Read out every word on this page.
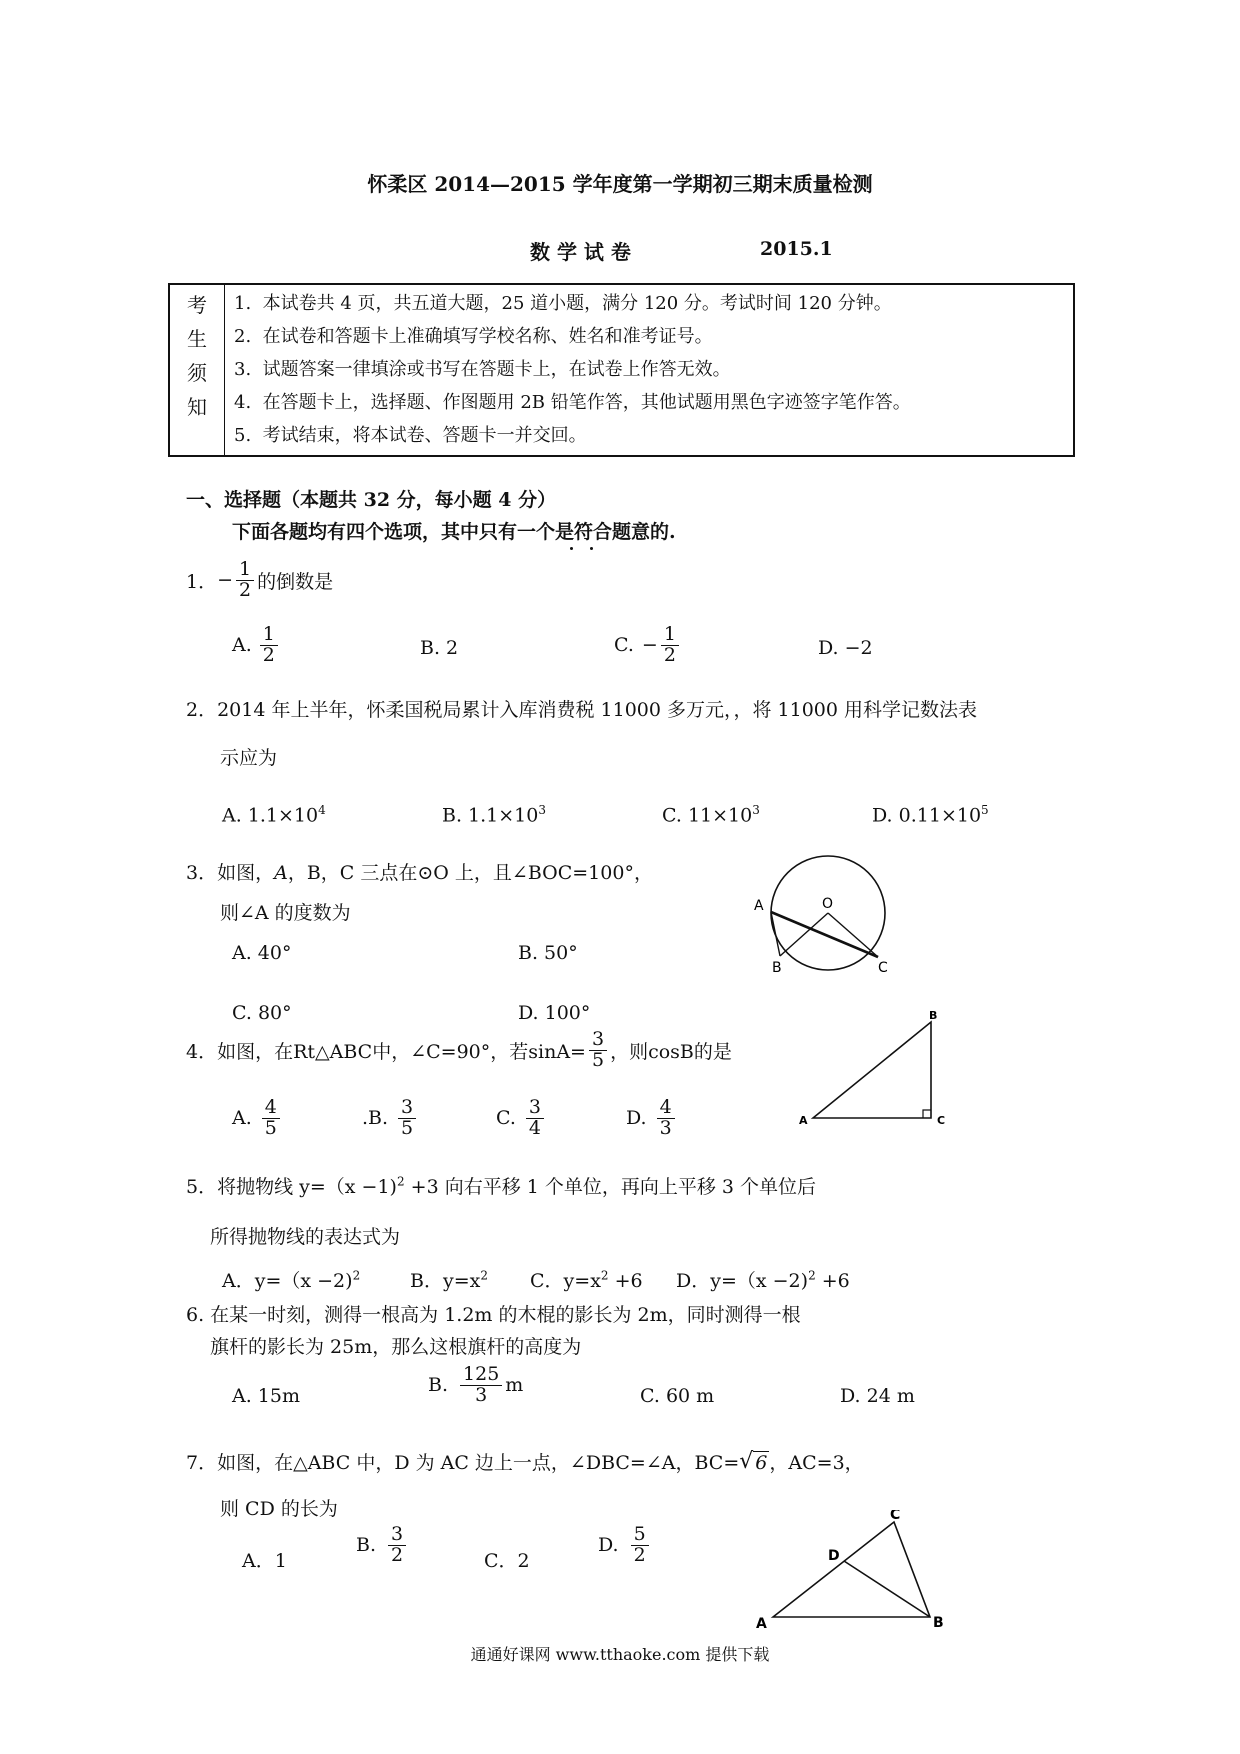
怀柔区 2014—2015 学年度第一学期初三期末质量检测
数 学 试 卷	2015.1
考
生
须
知
1.  本试卷共 4 页，共五道大题，25 道小题，满分 120 分。考试时间 120 分钟。
2.  在试卷和答题卡上准确填写学校名称、姓名和准考证号。
3.  试题答案一律填涂或书写在答题卡上，在试卷上作答无效。
4.  在答题卡上，选择题、作图题用 2B 铅笔作答，其他试题用黑色字迹签字笔作答。
5.  考试结束，将本试卷、答题卡一并交回。
一、选择题（本题共 32 分，每小题 4 分）
下面各题均有四个选项，其中只有一个是符合题意的.
1． − $\frac{1}{2}$ 的倒数是
A. $\frac{1}{2}$	B. 2	C. − $\frac{1}{2}$	D. −2
2．2014 年上半年，怀柔国税局累计入库消费税 11000 多万元，，将 11000 用科学记数法表
示应为
A. $1.1\times 10^4$	B. $1.1\times 10^3$	C. $11\times 10^3$	D. $0.11\times 10^5$
3．如图，A，B，C 三点在⊙O 上，且∠BOC=100°，
则∠A 的度数为
A. 40°	B. 50°
C. 80°	D. 100°
A	O
B	C
4．如图，在Rt△ABC中，∠C=90°，若$\sin A= \frac{3}{5}$ ，则cosB的是
A. $\frac{4}{5}$	.B. $\frac{3}{5}$	C. $\frac{3}{4}$	D. $\frac{4}{3}$	A
B
C
5．将抛物线 y=（x −1)$^2$ +3 向右平移 1 个单位，再向上平移 3 个单位后
所得抛物线的表达式为
A．y=（x −2)$^2$	B．$y=x^2$ C．$y=x^2 +6$ D．y=（x −2)$^2$ +6
6. 在某一时刻，测得一根高为 1.2m 的木棍的影长为 2m，同时测得一根
旗杆的影长为 25m，那么这根旗杆的高度为
A. 15m	B. $\frac{125}{3}$ m	C. 60 m	D. 24 m
7．如图，在△ABC 中，D 为 AC 边上一点，∠DBC=∠A，BC= √ 6 ，AC=3，
则 CD 的长为
A．1
B. $\frac{3}{2}$	C．2
D. $\frac{5}{2}$
A	B
C
D
通通好课网 www.tthaoke.com 提供下载
